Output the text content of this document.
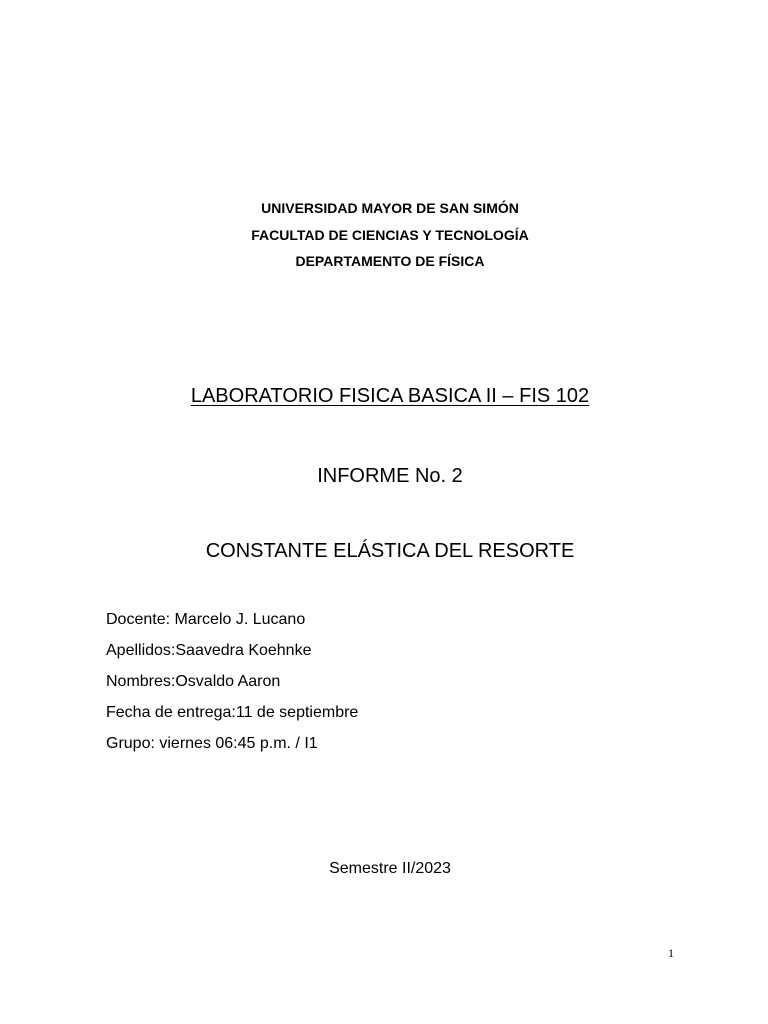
UNIVERSIDAD MAYOR DE SAN SIMÓN
FACULTAD DE CIENCIAS Y TECNOLOGÍA
DEPARTAMENTO DE FÍSICA
LABORATORIO FISICA BASICA II – FIS 102
INFORME No. 2
CONSTANTE ELÁSTICA DEL RESORTE
Docente: Marcelo J. Lucano
Apellidos:Saavedra Koehnke
Nombres:Osvaldo Aaron
Fecha de entrega:11 de septiembre
Grupo: viernes 06:45 p.m. / I1
Semestre II/2023
1
